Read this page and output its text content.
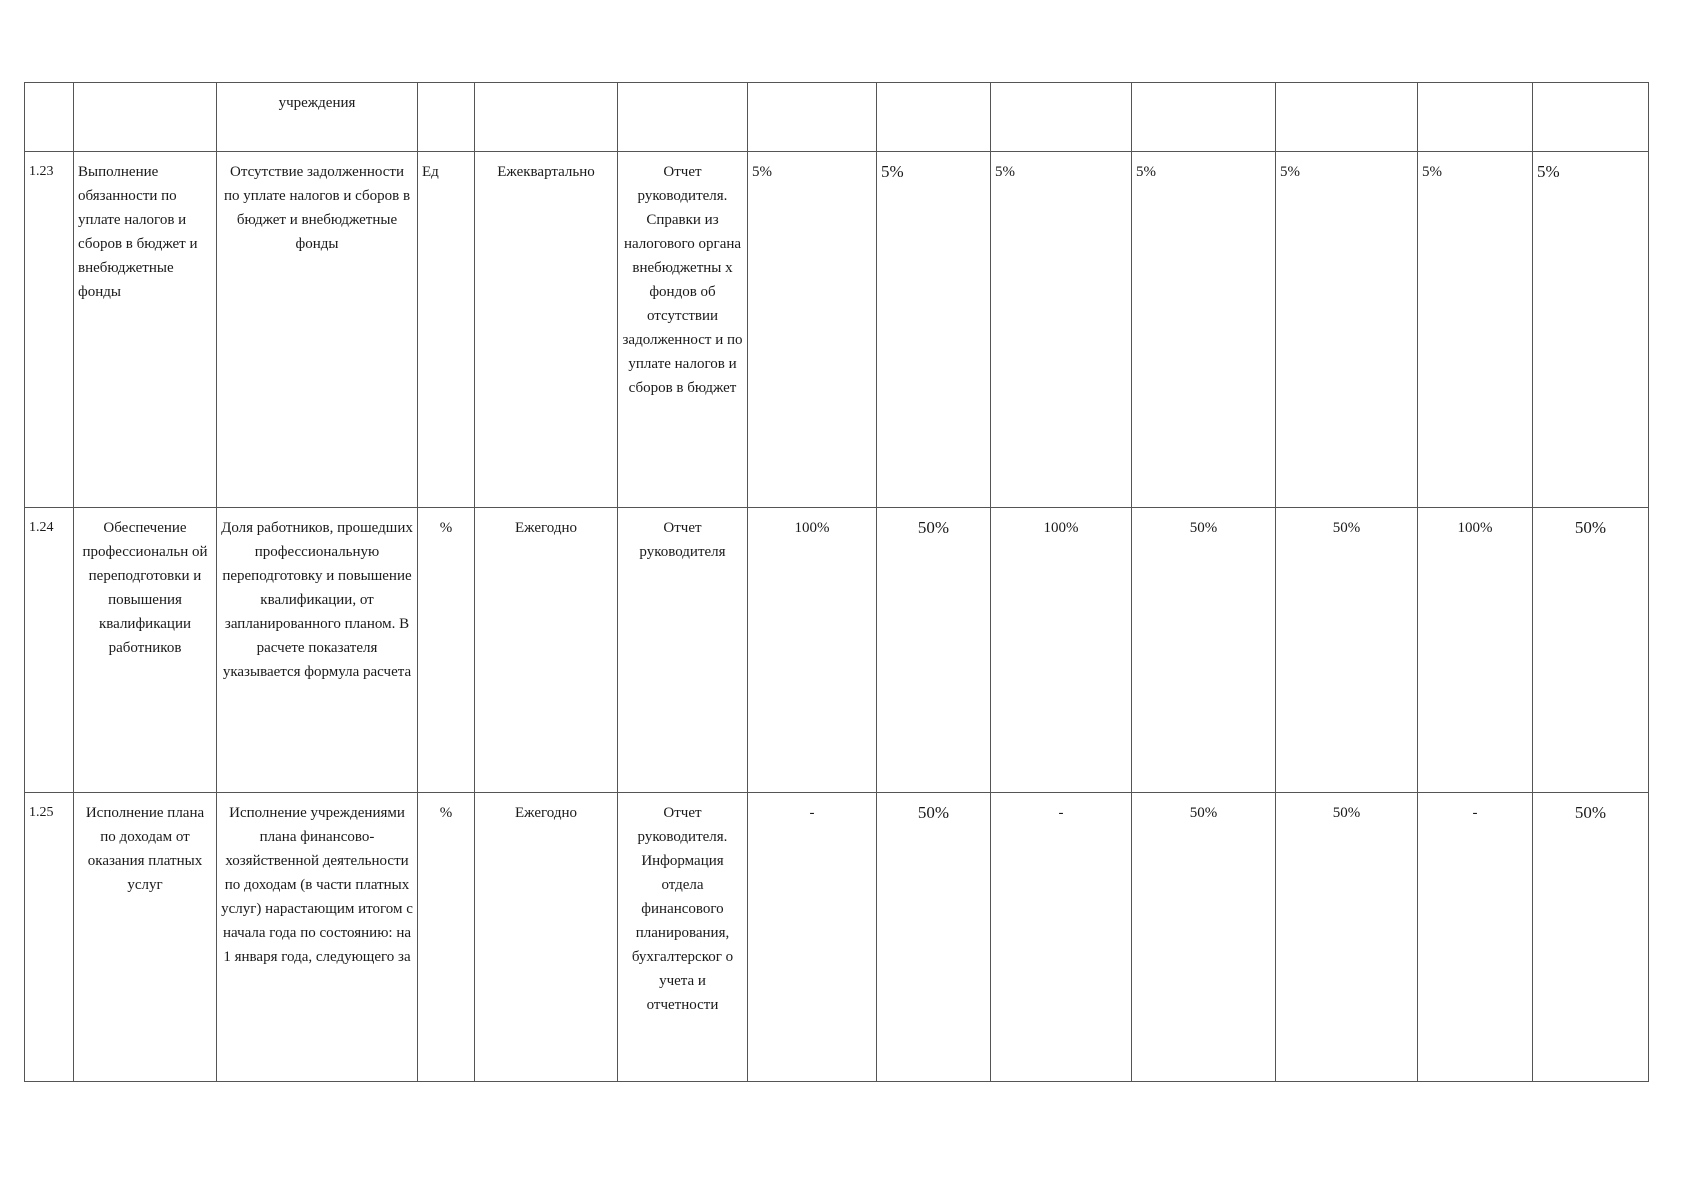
		учреждения										
1.23	Выполнение обязанности по уплате налогов и сборов в бюджет и внебюджетные фонды	Отсутствие задолженности по уплате налогов и сборов в бюджет и внебюджетные фонды	Ед	Ежеквартально	Отчет руководителя. Справки из налогового органа внебюджетны х фондов об отсутствии задолженност и по уплате налогов и сборов в бюджет	5%	5%	5%	5%	5%	5%	5%
1.24	Обеспечение профессиональн ой переподготовки и повышения квалификации работников	Доля работников, прошедших профессиональную переподготовку и повышение квалификации, от запланированного планом. В расчете показателя указывается формула расчета	%	Ежегодно	Отчет руководителя	100%	50%	100%	50%	50%	100%	50%
1.25	Исполнение плана по доходам от оказания платных услуг	Исполнение учреждениями плана финансово-хозяйственной деятельности по доходам (в части платных услуг) нарастающим итогом с начала года по состоянию: на 1 января года, следующего за	%	Ежегодно	Отчет руководителя. Информация отдела финансового планирования, бухгалтерског о учета и отчетности	-	50%	-	50%	50%	-	50%
